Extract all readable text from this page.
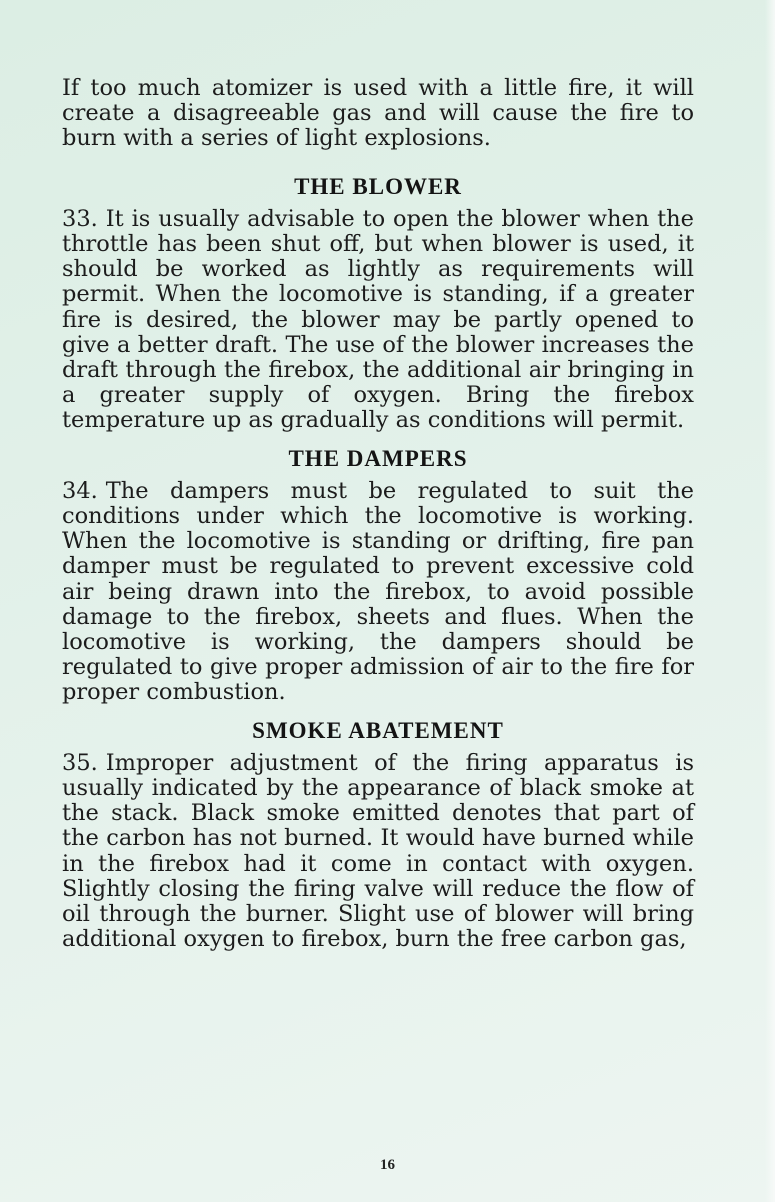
If too much atomizer is used with a little fire, it will create a disagreeable gas and will cause the fire to burn with a series of light explosions.

THE BLOWER

33. It is usually advisable to open the blower when the throttle has been shut off, but when blower is used, it should be worked as lightly as requirements will permit. When the locomotive is standing, if a greater fire is desired, the blower may be partly opened to give a better draft. The use of the blower increases the draft through the firebox, the additional air bringing in a greater supply of oxygen. Bring the firebox temperature up as gradually as conditions will permit.

THE DAMPERS

34. The dampers must be regulated to suit the conditions under which the locomotive is working. When the locomotive is standing or drifting, fire pan damper must be regulated to prevent excessive cold air being drawn into the firebox, to avoid possible damage to the firebox, sheets and flues. When the locomotive is working, the dampers should be regulated to give proper admission of air to the fire for proper combustion.

SMOKE ABATEMENT

35. Improper adjustment of the firing apparatus is usually indicated by the appearance of black smoke at the stack. Black smoke emitted denotes that part of the carbon has not burned. It would have burned while in the firebox had it come in contact with oxygen. Slightly closing the firing valve will reduce the flow of oil through the burner. Slight use of blower will bring additional oxygen to firebox, burn the free carbon gas,

16
